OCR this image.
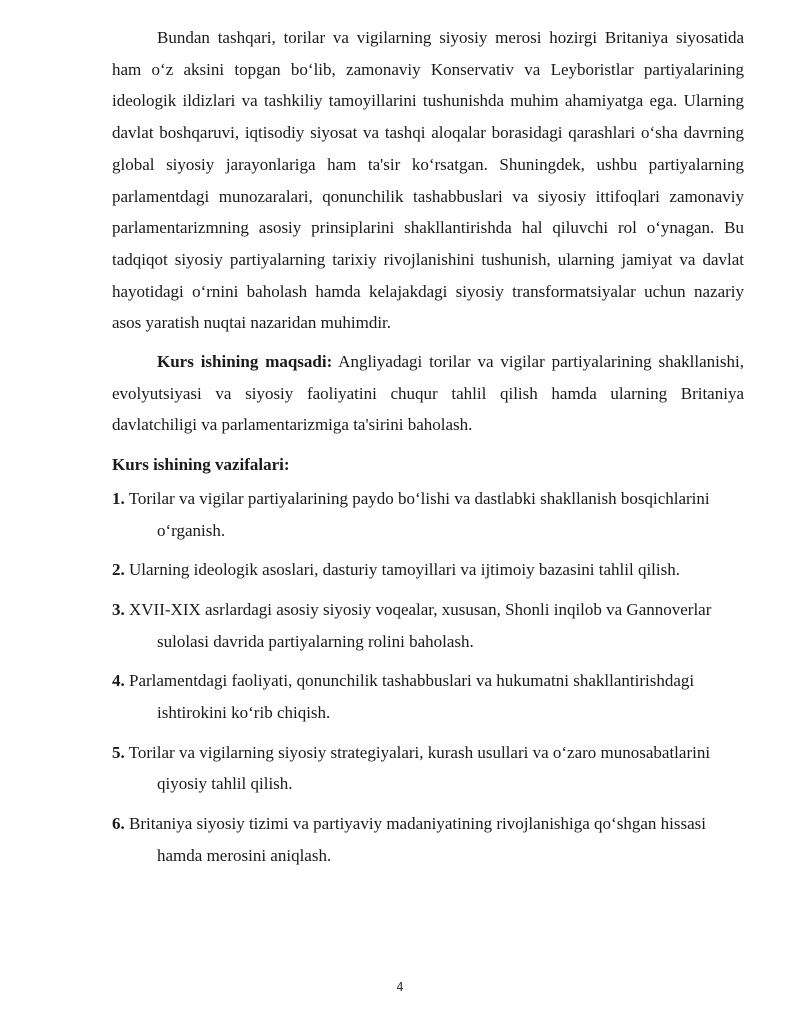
Bundan tashqari, torilar va vigilarning siyosiy merosi hozirgi Britaniya siyosatida ham o‘z aksini topgan bo‘lib, zamonaviy Konservativ va Leyboristlar partiyalarining ideologik ildizlari va tashkiliy tamoyillarini tushunishda muhim ahamiyatga ega. Ularning davlat boshqaruvi, iqtisodiy siyosat va tashqi aloqalar borasidagi qarashlari o‘sha davrning global siyosiy jarayonlariga ham ta'sir ko‘rsatgan. Shuningdek, ushbu partiyalarning parlamentdagi munozaralari, qonunchilik tashabbuslari va siyosiy ittifoqlari zamonaviy parlamentarizmning asosiy prinsiplarini shakllantirishda hal qiluvchi rol o‘ynagan. Bu tadqiqot siyosiy partiyalarning tarixiy rivojlanishini tushunish, ularning jamiyat va davlat hayotidagi o‘rnini baholash hamda kelajakdagi siyosiy transformatsiyalar uchun nazariy asos yaratish nuqtai nazaridan muhimdir.

Kurs ishining maqsadi: Angliyadagi torilar va vigilar partiyalarining shakllanishi, evolyutsiyasi va siyosiy faoliyatini chuqur tahlil qilish hamda ularning Britaniya davlatchiligi va parlamentarizmiga ta'sirini baholash.

Kurs ishining vazifalari:

1. Torilar va vigilar partiyalarining paydo bo‘lishi va dastlabki shakllanish bosqichlarini o‘rganish.
2. Ularning ideologik asoslari, dasturiy tamoyillari va ijtimoiy bazasini tahlil qilish.
3. XVII-XIX asrlardagi asosiy siyosiy voqealar, xususan, Shonli inqilob va Gannoverlar sulolasi davrida partiyalarning rolini baholash.
4. Parlamentdagi faoliyati, qonunchilik tashabbuslari va hukumatni shakllantirishdagi ishtirokini ko‘rib chiqish.
5. Torilar va vigilarning siyosiy strategiyalari, kurash usullari va o‘zaro munosabatlarini qiyosiy tahlil qilish.
6. Britaniya siyosiy tizimi va partiyaviy madaniyatining rivojlanishiga qo‘shgan hissasi hamda merosini aniqlash.
4
